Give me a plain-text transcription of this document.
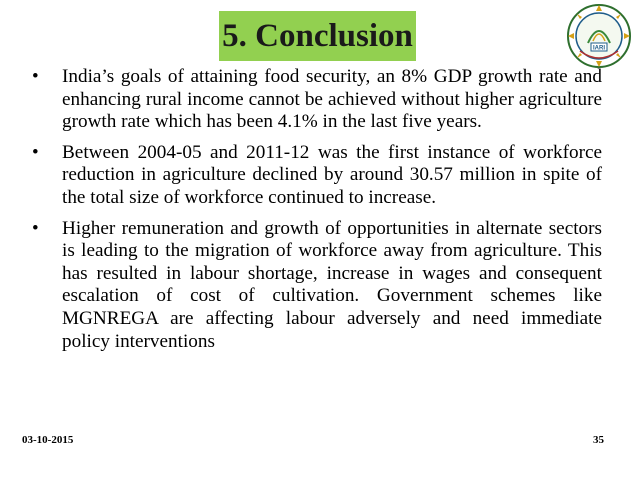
5. Conclusion	IARI
• India’s goals of attaining food security, an 8% GDP growth rate and enhancing rural income cannot be achieved without higher agriculture growth rate which has been 4.1% in the last five years.
• Between 2004-05 and 2011-12 was the first instance of workforce reduction in agriculture declined by around 30.57 million in spite of the total size of workforce continued to increase.
• Higher remuneration and growth of opportunities in alternate sectors is leading to the migration of workforce away from agriculture. This has resulted in labour shortage, increase in wages and consequent escalation of cost of cultivation. Government schemes like MGNREGA are affecting labour adversely and need immediate policy interventions
03-10-2015	35
